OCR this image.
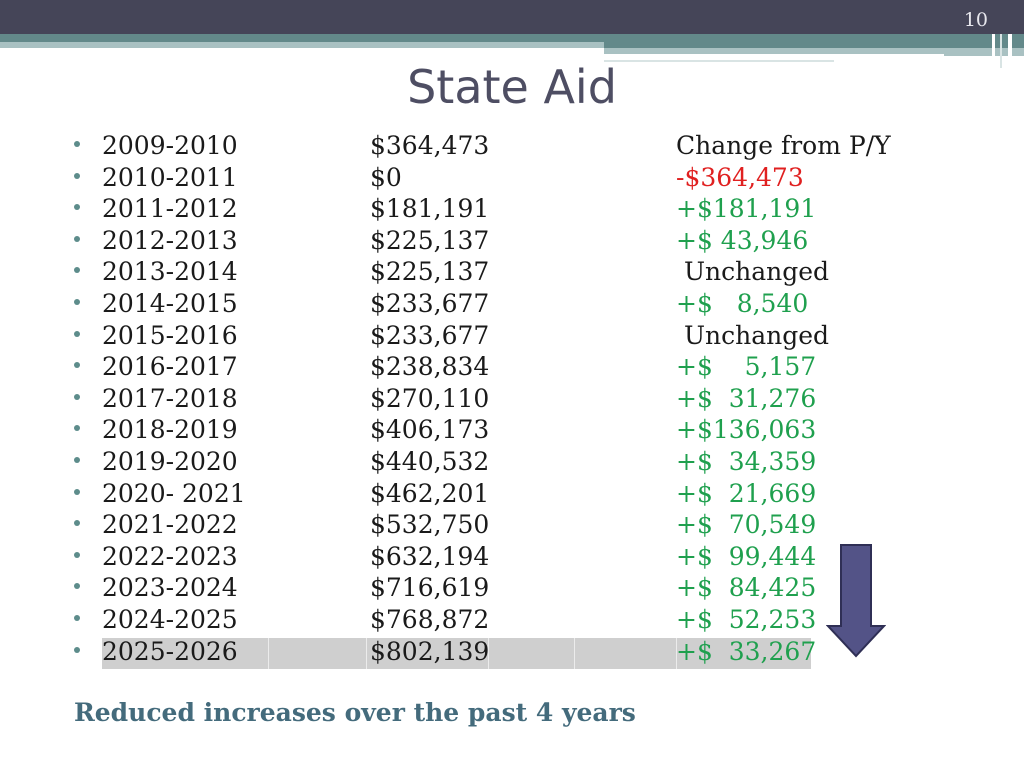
10
State Aid
2009-2010	$364,473	Change from P/Y
2010-2011	$0	-$364,473
2011-2012	$181,191	+$181,191
2012-2013	$225,137	+$ 43,946
2013-2014	$225,137	Unchanged
2014-2015	$233,677	+$   8,540
2015-2016	$233,677	Unchanged
2016-2017	$238,834	+$    5,157
2017-2018	$270,110	+$  31,276
2018-2019	$406,173	+$136,063
2019-2020	$440,532	+$  34,359
2020- 2021	$462,201	+$  21,669
2021-2022	$532,750	+$  70,549
2022-2023	$632,194	+$  99,444
2023-2024	$716,619	+$  84,425
2024-2025	$768,872	+$  52,253
2025-2026	$802,139	+$  33,267
Reduced increases over the past 4 years
